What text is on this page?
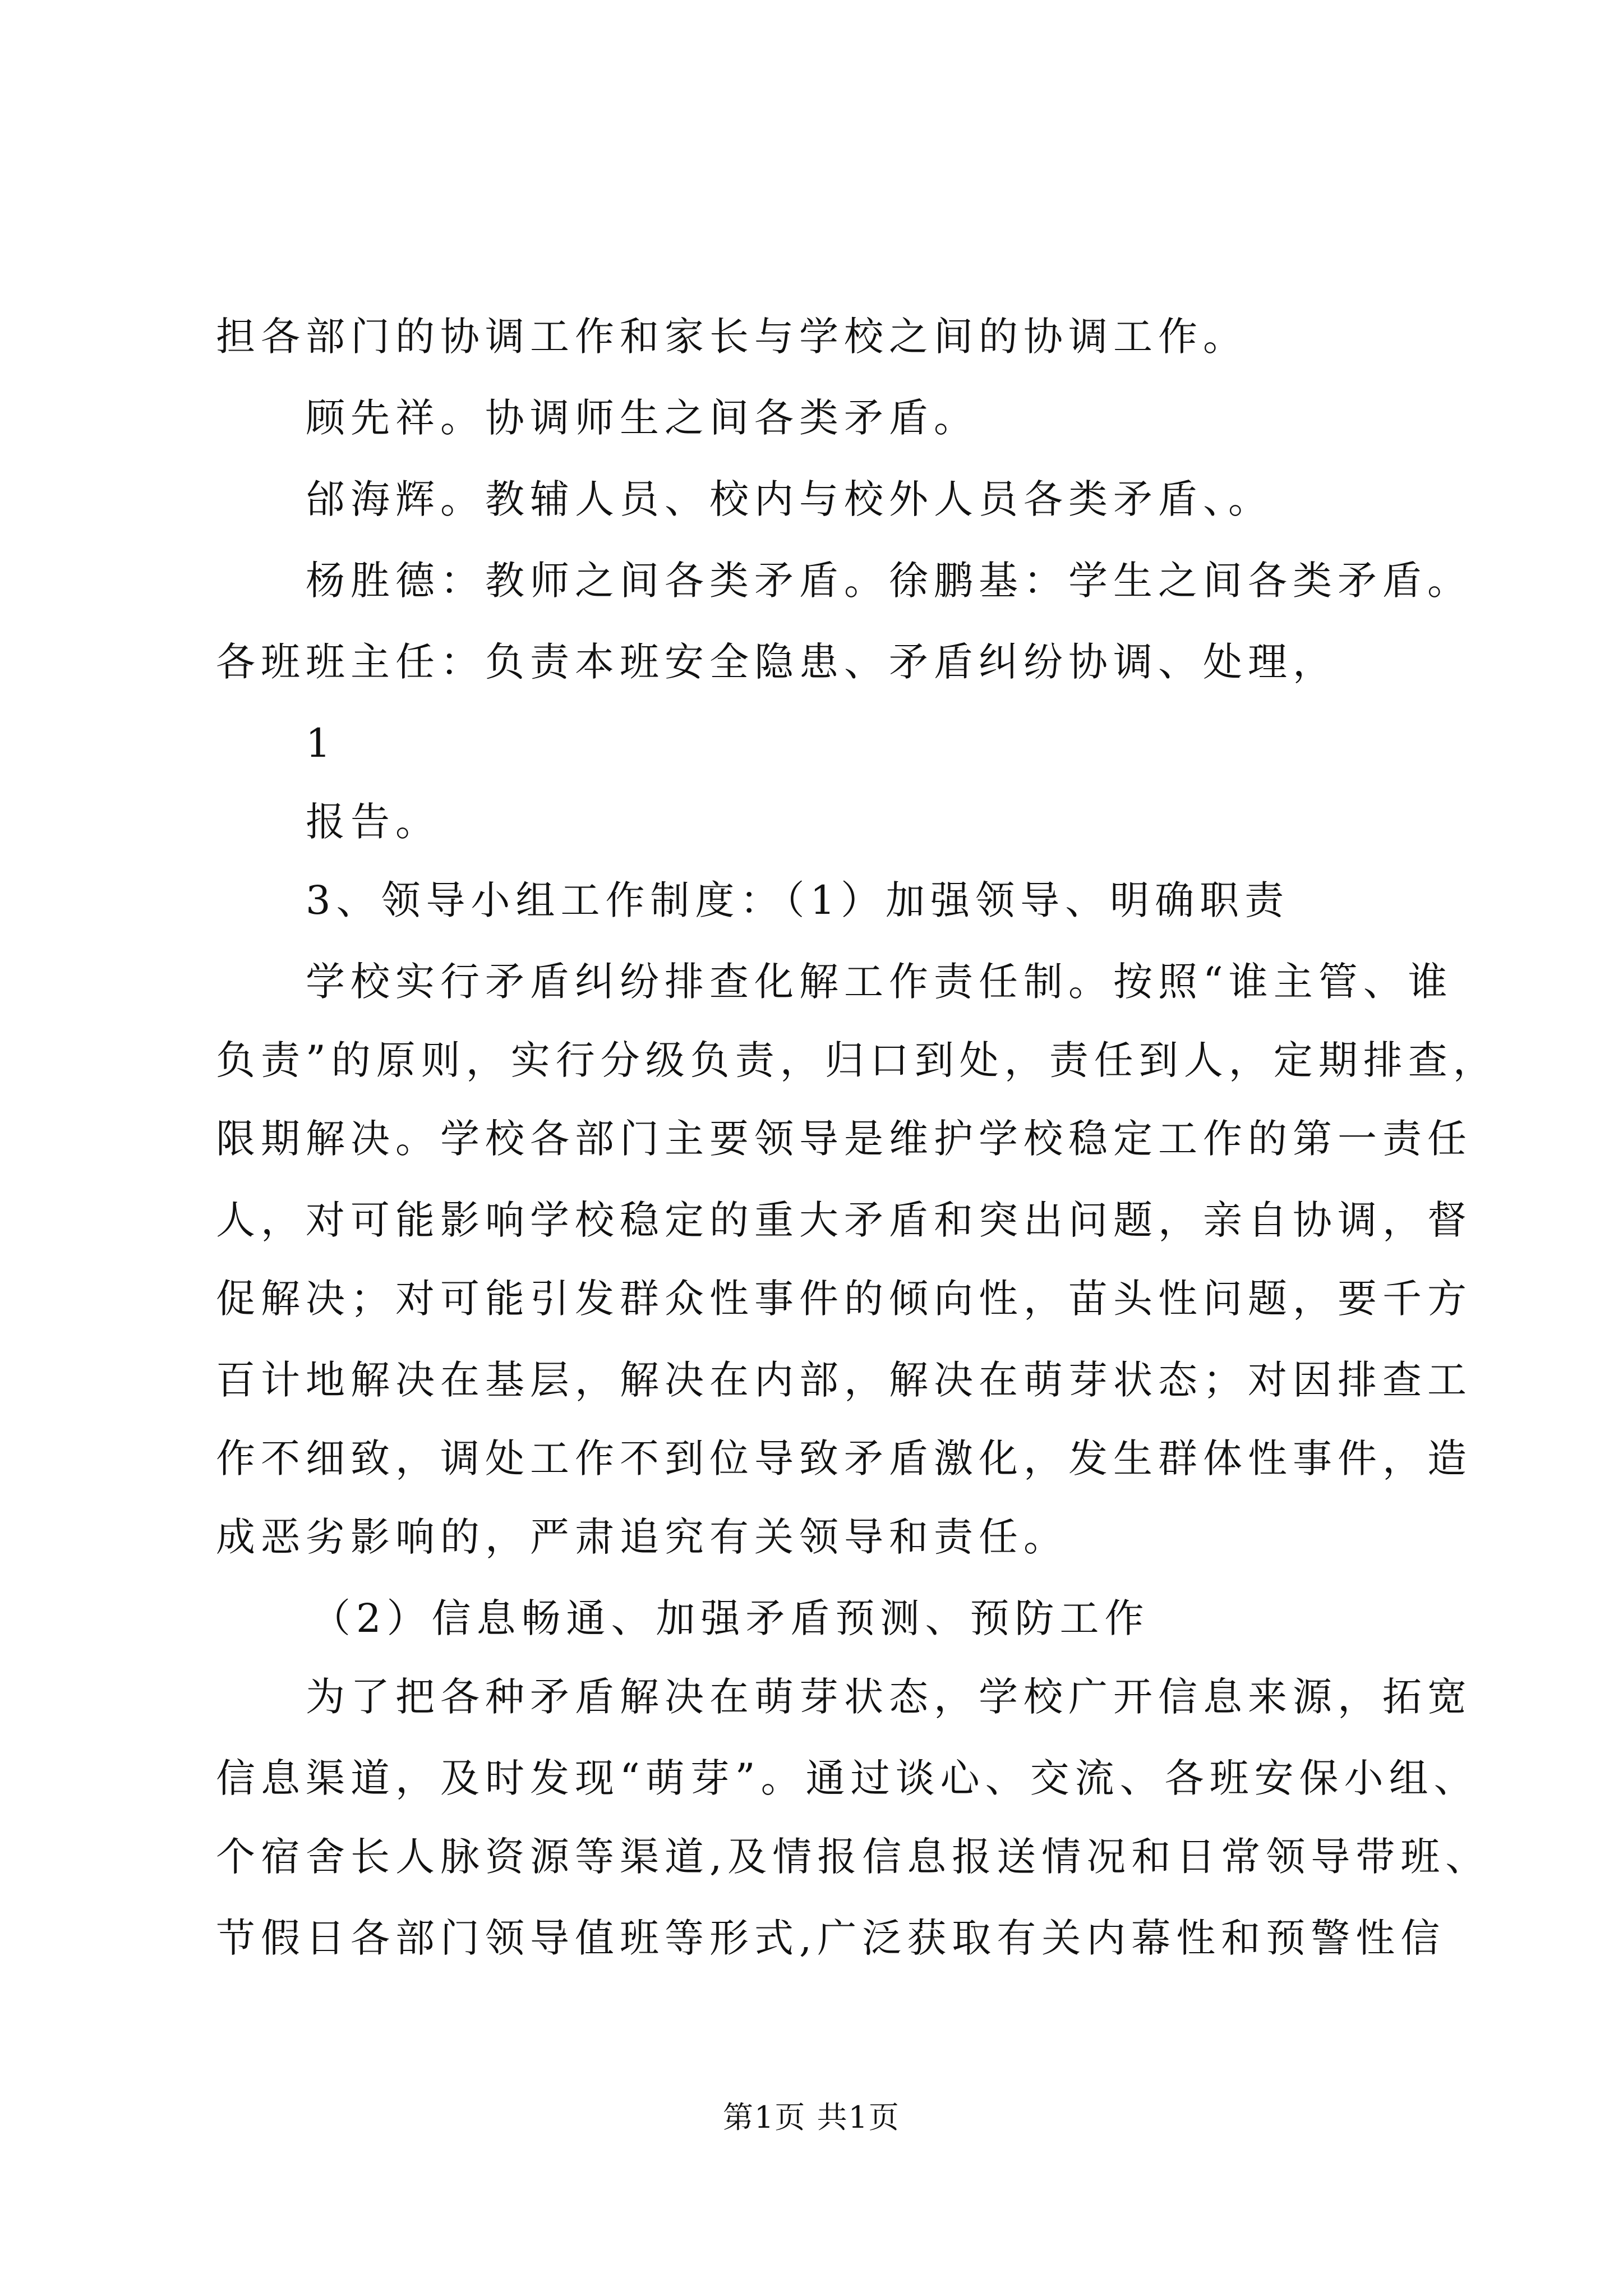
担各部门的协调工作和家长与学校之间的协调工作。
顾先祥。协调师生之间各类矛盾。
邰海辉。教辅人员、校内与校外人员各类矛盾、。
杨胜德：教师之间各类矛盾。徐鹏基：学生之间各类矛盾。
各班班主任：负责本班安全隐患、矛盾纠纷协调、处理，
1
报告。
3、领导小组工作制度：（1）加强领导、明确职责
学校实行矛盾纠纷排查化解工作责任制。按照“谁主管、谁
负责”的原则，实行分级负责，归口到处，责任到人，定期排查，
限期解决。学校各部门主要领导是维护学校稳定工作的第一责任
人，对可能影响学校稳定的重大矛盾和突出问题，亲自协调，督
促解决；对可能引发群众性事件的倾向性，苗头性问题，要千方
百计地解决在基层，解决在内部，解决在萌芽状态；对因排查工
作不细致，调处工作不到位导致矛盾激化，发生群体性事件，造
成恶劣影响的，严肃追究有关领导和责任。
（2）信息畅通、加强矛盾预测、预防工作
为了把各种矛盾解决在萌芽状态，学校广开信息来源，拓宽
信息渠道，及时发现“萌芽”。通过谈心、交流、各班安保小组、
个宿舍长人脉资源等渠道,及情报信息报送情况和日常领导带班、
节假日各部门领导值班等形式,广泛获取有关内幕性和预警性信
第1页 共1页
